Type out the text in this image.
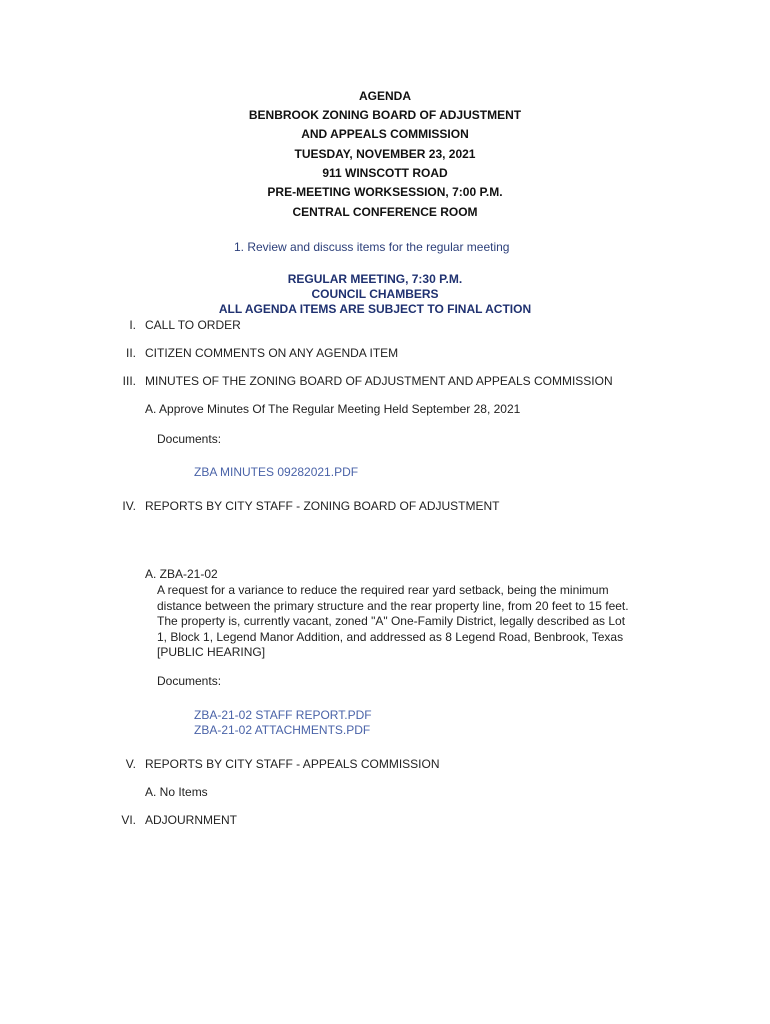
AGENDA
BENBROOK ZONING BOARD OF ADJUSTMENT
AND APPEALS COMMISSION
TUESDAY, NOVEMBER 23, 2021
911 WINSCOTT ROAD
PRE-MEETING WORKSESSION, 7:00 P.M.
CENTRAL CONFERENCE ROOM
1. Review and discuss items for the regular meeting
REGULAR MEETING, 7:30 P.M.
COUNCIL CHAMBERS
ALL AGENDA ITEMS ARE SUBJECT TO FINAL ACTION
I. CALL TO ORDER
II. CITIZEN COMMENTS ON ANY AGENDA ITEM
III. MINUTES OF THE ZONING BOARD OF ADJUSTMENT AND APPEALS COMMISSION
A. Approve Minutes Of The Regular Meeting Held September 28, 2021
Documents:
ZBA MINUTES 09282021.PDF
IV. REPORTS BY CITY STAFF - ZONING BOARD OF ADJUSTMENT
A. ZBA-21-02
A request for a variance to reduce the required rear yard setback, being the minimum
distance between the primary structure and the rear property line, from 20 feet to 15 feet.
The property is, currently vacant, zoned "A" One-Family District, legally described as Lot
1, Block 1, Legend Manor Addition, and addressed as 8 Legend Road, Benbrook, Texas
[PUBLIC HEARING]
Documents:
ZBA-21-02 STAFF REPORT.PDF
ZBA-21-02 ATTACHMENTS.PDF
V. REPORTS BY CITY STAFF - APPEALS COMMISSION
A. No Items
VI. ADJOURNMENT
